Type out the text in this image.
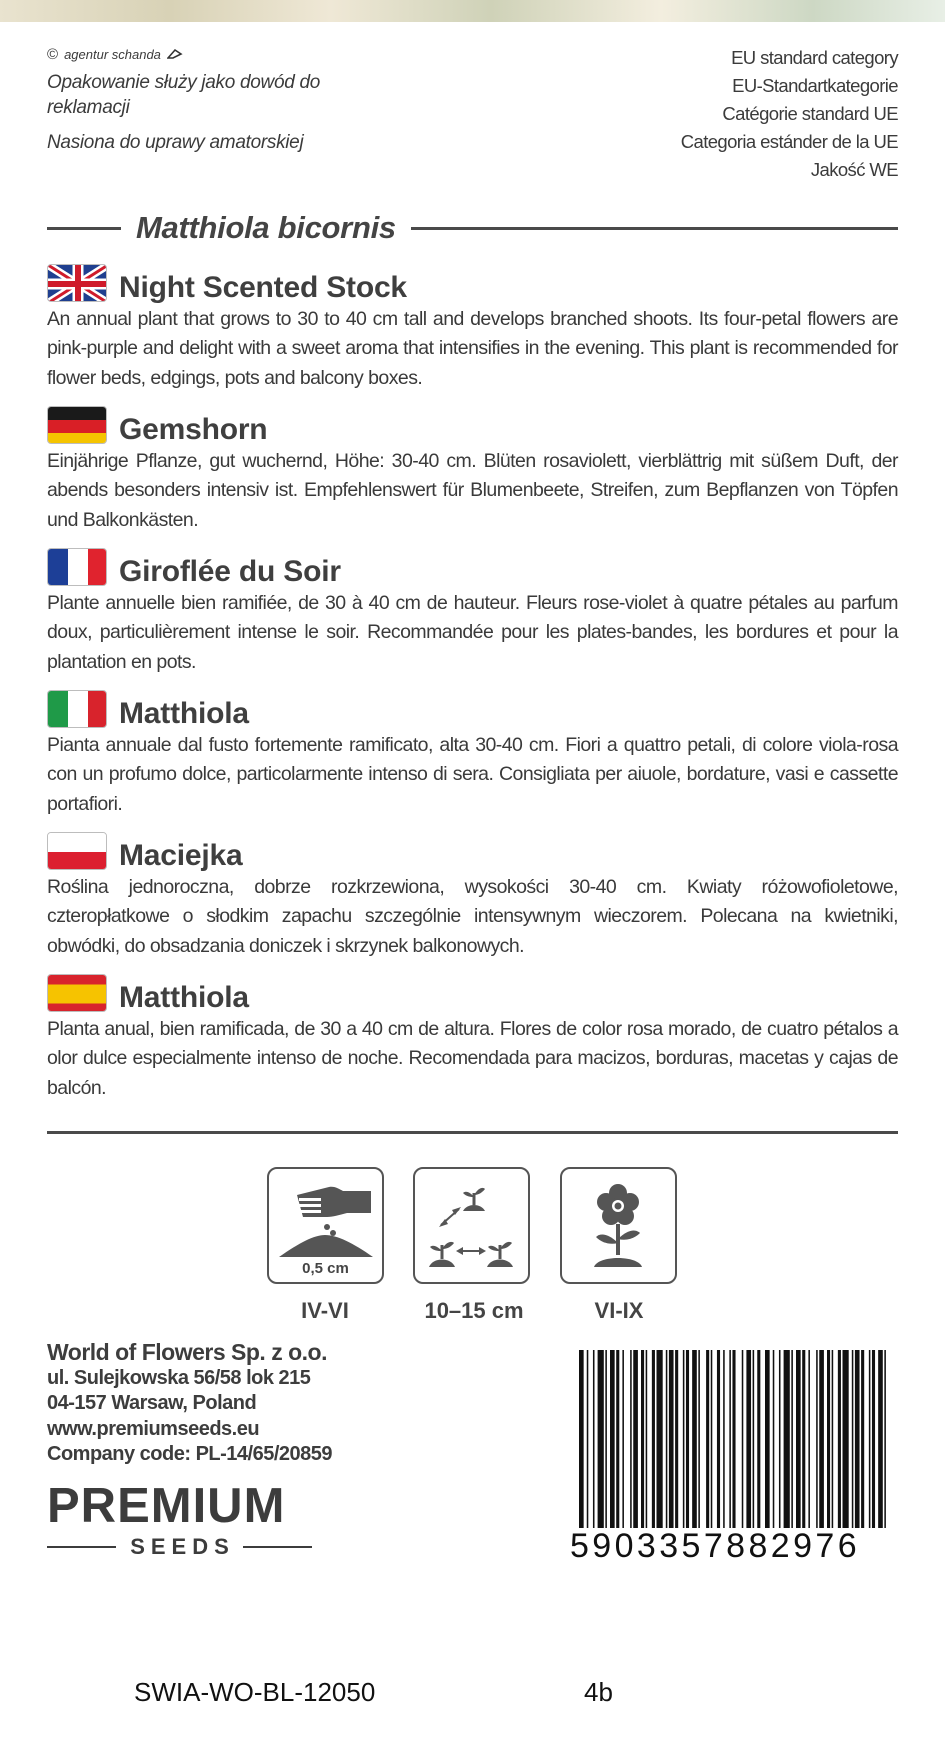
© agentur schanda
Opakowanie służy jako dowód do reklamacji
Nasiona do uprawy amatorskiej
EU standard category
EU-Standartkategorie
Catégorie standard UE
Categoria estánder de la UE
Jakość WE
Matthiola bicornis
Night Scented Stock
An annual plant that grows to 30 to 40 cm tall and develops branched shoots. Its four-petal flowers are pink-purple and delight with a sweet aroma that intensifies in the evening. This plant is recommended for flower beds, edgings, pots and balcony boxes.
Gemshorn
Einjährige Pflanze, gut wuchernd, Höhe: 30-40 cm. Blüten rosaviolett, vierblättrig mit süßem Duft, der abends besonders intensiv ist. Empfehlenswert für Blumenbeete, Streifen, zum Bepflanzen von Töpfen und Balkonkästen.
Giroflée du Soir
Plante annuelle bien ramifiée, de 30 à 40 cm de hauteur. Fleurs rose-violet à quatre pétales au parfum doux, particulièrement intense le soir. Recommandée pour les plates-bandes, les bordures et pour la plantation en pots.
Matthiola
Pianta annuale dal fusto fortemente ramificato, alta 30-40 cm. Fiori a quattro petali, di colore viola-rosa con un profumo dolce, particolarmente intenso di sera. Consigliata per aiuole, bordature, vasi e cassette portafiori.
Maciejka
Roślina jednoroczna, dobrze rozkrzewiona, wysokości 30-40 cm. Kwiaty różowofioletowe, czteropłatkowe o słodkim zapachu szczególnie intensywnym wieczorem. Polecana na kwietniki, obwódki, do obsadzania doniczek i skrzynek balkonowych.
Matthiola
Planta anual, bien ramificada, de 30 a 40 cm de altura. Flores de color rosa morado, de cuatro pétalos a olor dulce especialmente intenso de noche. Recomendada para macizos, borduras, macetas y cajas de balcón.
0,5 cm
IV-VI	10–15 cm	VI-IX
World of Flowers Sp. z o.o.
ul. Sulejkowska 56/58 lok 215
04-157 Warsaw, Poland
www.premiumseeds.eu
Company code: PL-14/65/20859
PREMIUM
SEEDS	5903357882976
SWIA-WO-BL-12050	4b
